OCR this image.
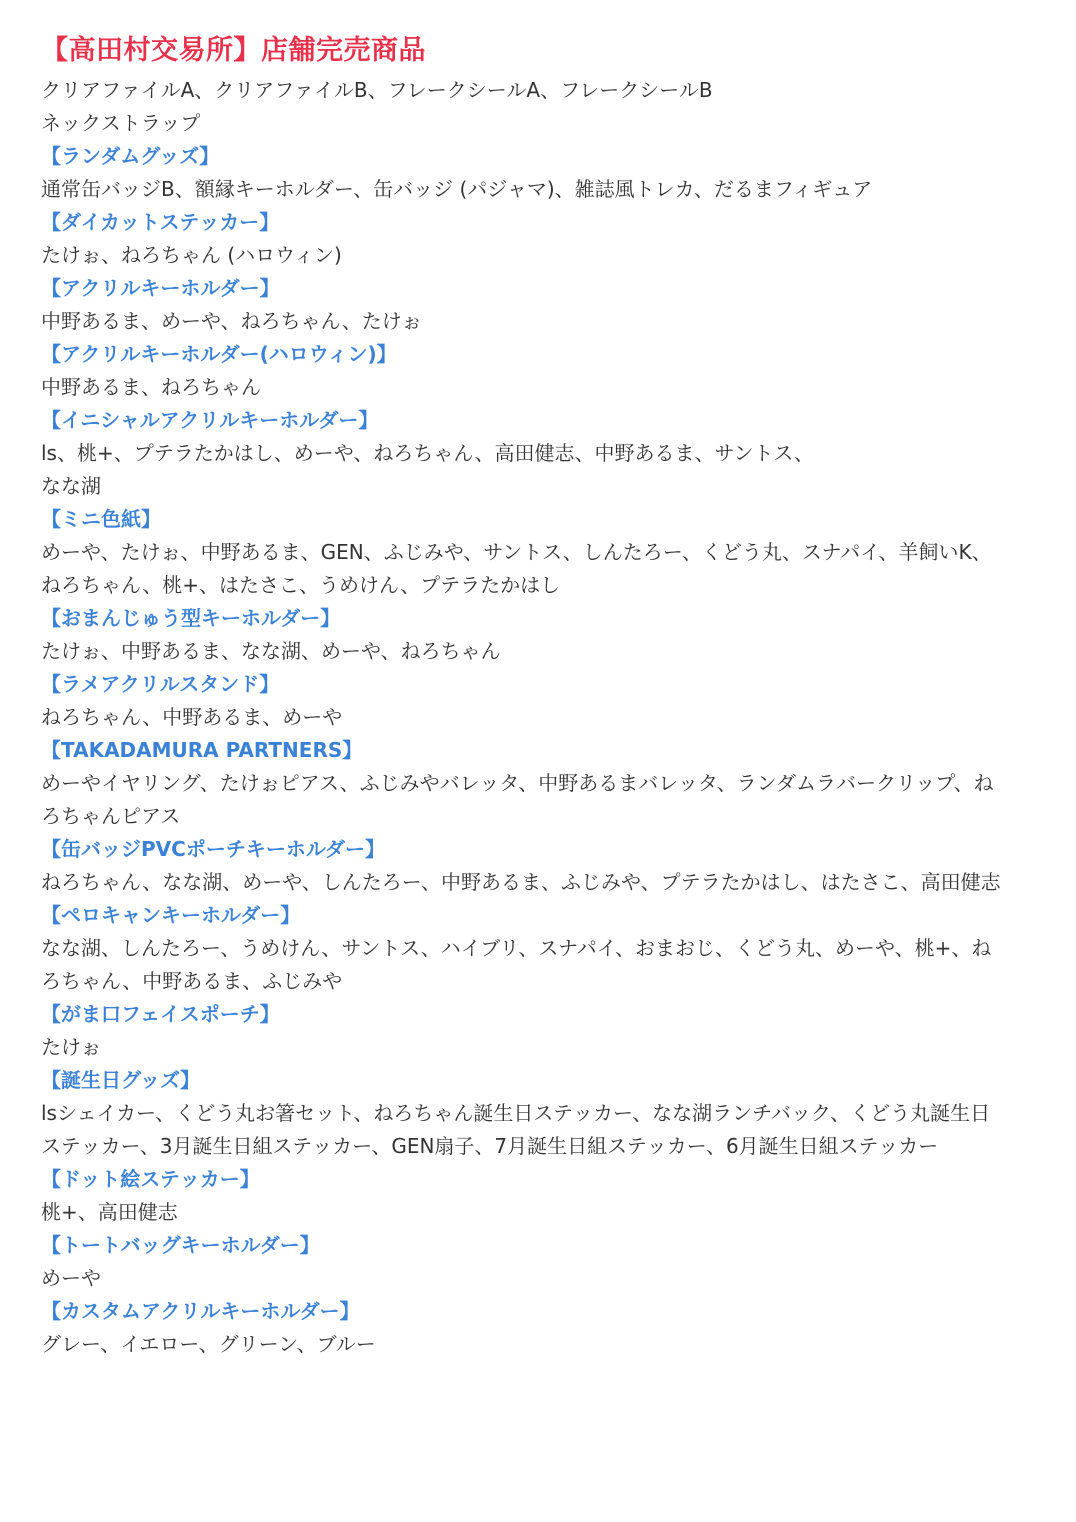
【高田村交易所】店舗完売商品

クリアファイルA、クリアファイルB、フレークシールA、フレークシールB

ネックストラップ

【ランダムグッズ】

通常缶バッジB、額縁キーホルダー、缶バッジ (パジャマ)、雑誌風トレカ、だるまフィギュア

【ダイカットステッカー】

たけぉ、ねろちゃん (ハロウィン)

【アクリルキーホルダー】

中野あるま、めーや、ねろちゃん、たけぉ

【アクリルキーホルダー(ハロウィン)】

中野あるま、ねろちゃん

【イニシャルアクリルキーホルダー】

ls、桃+、プテラたかはし、めーや、ねろちゃん、高田健志、中野あるま、サントス、
なな湖

【ミニ色紙】

めーや、たけぉ、中野あるま、GEN、ふじみや、サントス、しんたろー、くどう丸、スナパイ、羊飼いK、
ねろちゃん、桃+、はたさこ、うめけん、プテラたかはし

【おまんじゅう型キーホルダー】

たけぉ、中野あるま、なな湖、めーや、ねろちゃん

【ラメアクリルスタンド】

ねろちゃん、中野あるま、めーや

【TAKADAMURA PARTNERS】

めーやイヤリング、たけぉピアス、ふじみやバレッタ、中野あるまバレッタ、ランダムラバークリップ、ね
ろちゃんピアス

【缶バッジPVCポーチキーホルダー】

ねろちゃん、なな湖、めーや、しんたろー、中野あるま、ふじみや、プテラたかはし、はたさこ、高田健志

【ペロキャンキーホルダー】

なな湖、しんたろー、うめけん、サントス、ハイブリ、スナパイ、おまおじ、くどう丸、めーや、桃+、ね
ろちゃん、中野あるま、ふじみや

【がま口フェイスポーチ】

たけぉ

【誕生日グッズ】

lsシェイカー、くどう丸お箸セット、ねろちゃん誕生日ステッカー、なな湖ランチバック、くどう丸誕生日
ステッカー、3月誕生日組ステッカー、GEN扇子、7月誕生日組ステッカー、6月誕生日組ステッカー

【ドット絵ステッカー】

桃+、高田健志

【トートバッグキーホルダー】

めーや

【カスタムアクリルキーホルダー】

グレー、イエロー、グリーン、ブルー
